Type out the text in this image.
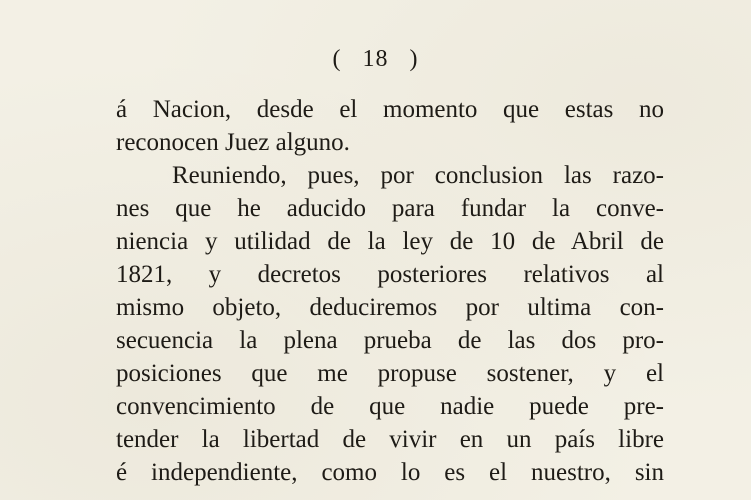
( 18 )
á Nacion, desde el momento que estas no
reconocen Juez alguno.
Reuniendo, pues, por conclusion las razo-
nes que he aducido para fundar la conve-
niencia y utilidad de la ley de 10 de Abril de
1821, y decretos posteriores relativos al
mismo objeto, deduciremos por ultima con-
secuencia la plena prueba de las dos pro-
posiciones que me propuse sostener, y el
convencimiento de que nadie puede pre-
tender la libertad de vivir en un país libre
é independiente, como lo es el nuestro, sin
